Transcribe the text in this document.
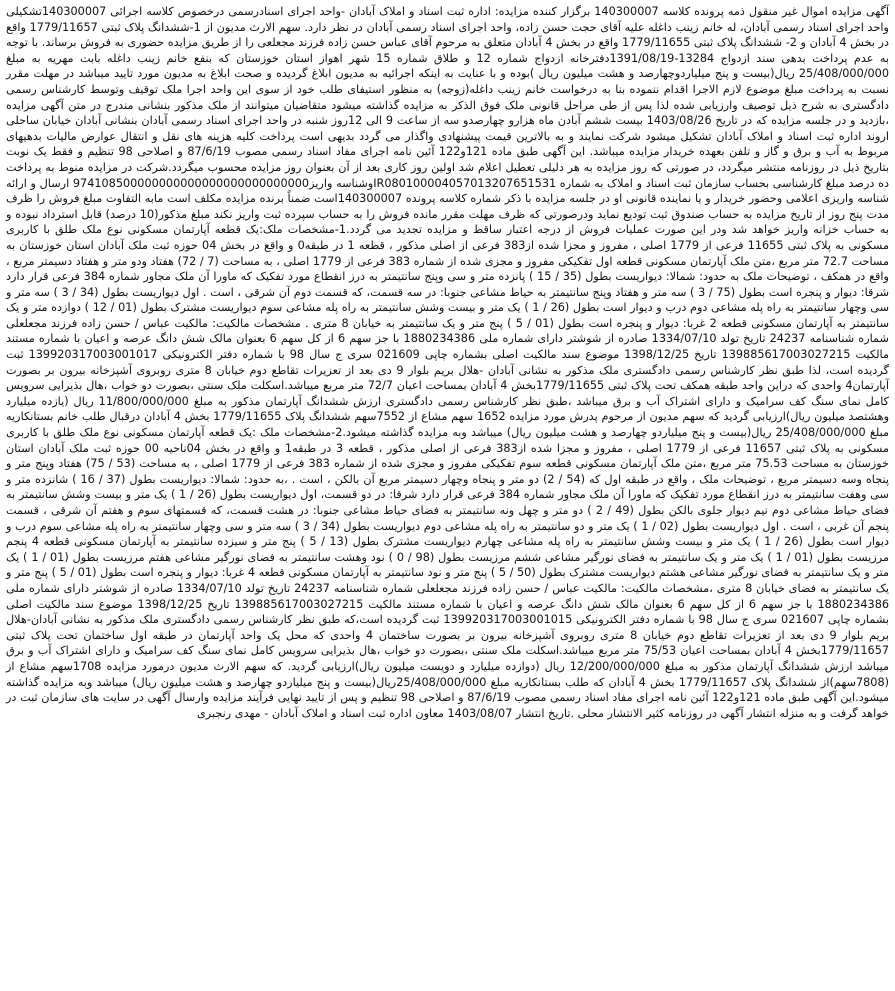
آگهی مزایده اموال غیر منقول ذمه پرونده کلاسه 140300007 برگزار کننده مزایده: اداره ثبت اسناد و املاک آبادان -واحد اجرای اسنادرسمی درخصوص کلاسه اجرائی 140300007تشکیلی واحد اجرای اسناد رسمی آبادان، له خانم زینب داغله علیه آقای حجت حسن زاده، واحد اجرای اسناد رسمی آبادان در نظر دارد. سهم الارث مدیون از 1-ششدانگ پلاک ثبتی 1779/11657 واقع در بخش 4 آبادان و 2- ششدانگ پلاک ثبتی 1779/11655 واقع در بخش 4 آبادان متعلق به مرحوم آقای عباس حسن زاده فرزند مجعلعی را از طریق مزایده حضوری به فروش برساند. با توجه به عدم پرداخت بدهی سند ازدواج 13284-1391/08/19دفترخانه ازدواج شماره 12 و طلاق شماره 15 شهر اهواز استان خوزستان که بنفع خانم زینب داغله بابت مهریه به مبلغ 25/408/000/000 ریال(بیست و پنج میلیاردوچهارصد و هشت میلیون ریال )بوده و با عنایت به اینکه اجرائیه به مدیون ابلاغ گردیده و صحت ابلاغ به مدیون مورد تایید میباشد در مهلت مقرر نسبت به پرداخت مبلغ موضوع لازم الاجرا اقدام ننموده بنا به درخواست خانم زینب داغله(زوجه) به منظور استیفای طلب خود از سوی این واحد اجرا ملک توقیف وتوسط کارشناس رسمی دادگستری به شرح ذیل توصیف وارزیابی شده لذا پس از طی مراحل قانونی ملک فوق الذکر به مزایده گذاشته میشود متقاضیان میتوانند از ملک مذکور بنشانی مندرج در متن آگهی مزایده ،بازدید و در جلسه مزایده که در تاریخ 1403/08/26 بیست ششم آبادن ماه هزارو چهارصدو سه از ساعت 9 الی 12روز شنبه در واحد اجرای اسناد رسمی آبادان بنشانی آبادان خیابان ساحلی اروند اداره ثبت اسناد و املاک آبادان تشکیل میشود شرکت نمایند و به بالاترین قیمت پیشنهادی واگذار می گردد بدیهی است پرداخت کلیه هزینه های نقل و انتقال عوارض مالیات بدهیهای مربوط به آب و برق و گاز و تلفن بعهده خریدار مزایده میباشد. این آگهی طبق ماده 121و122 آئین نامه اجرای مفاد اسناد رسمی مصوب 87/6/19 و اصلاحی 98 تنظیم و فقط یک نوبت بتاریخ ذیل در روزنامه منتشر میگردد، در صورتی که روز مزایده به هر دلیلی تعطیل اعلام شد اولین روز کاری بعد از آن بعنوان روز مزایده محسوب میگردد.شرکت در مزایده منوط به پرداخت ده درصد مبلغ کارشناسی بحساب سازمان ثبت اسناد و املاک به شماره IR080100004057013207651531وشناسه واریز974108500000000000000000000000000 ارسال و ارائه شناسه واریزی اعلامی وحضور خریدار و یا نماینده قانونی او در جلسه مزایده با ذکر شماره کلاسه پرونده 140300007است ضمناً برنده مزایده مکلف است مابه التفاوت مبلغ فروش را ظرف مدت پنج روز از تاریخ مزایده به حساب صندوق ثبت تودیع نماید ودرصورتی که ظرف مهلت مقرر مانده فروش را به حساب سپرده ثبت واریز نکند مبلغ مذکور(10 درصد) قابل استرداد نبوده و به حساب خزانه واریز خواهد شد ودر این صورت عملیات فروش از درجه اعتبار ساقط و مزایده تجدید می گردد.1-مشخصات ملک:یک قطعه آپارتمان مسکونی نوع ملک طلق با کاربری مسکونی به پلاک ثبتی 11655 فرعی از 1779 اصلی ، مفروز و مجزا شده از383 فرعی از اصلی مذکور ، قطعه 1 در طبقه0 و واقع در بخش 04 حوزه ثبت ملک آبادان استان خوزستان به مساحت 72.7 متر مربع ،متن ملک آپارتمان مسکونی قطعه اول تفکیکی مفروز و مجزی شده از شماره 383 فرعی از 1779 اصلی ، به مساحت (7 / 72) هفتاد ودو متر و هفتاد دسیمتر مربع ، واقع در همکف ، توضیحات ملک به حدود: شمالا: دیواریست بطول (35 / 15 ) پانزده متر و سی وپنج سانتیمتر به درز انقطاع مورد تفکیک که ماورا آن ملک مجاور شماره 384 فرعی قرار دارد شرقا: دیوار و پنجره است بطول (75 / 3 ) سه متر و هفتاد وپنج سانتیمتر به حیاط مشاعی جنوبا: در سه قسمت، که قسمت دوم آن شرقی ، است . اول دیواریست بطول (34 / 3 ) سه متر و سی وچهار سانتیمتر به راه پله مشاعی دوم درب و دیوار است بطول (26 / 1 ) یک متر و بیست وشش سانتیمتر به راه پله مشاعی سوم دیواریست مشترک بطول (01 / 12 ) دوازده متر و یک سانتیمتر به آپارتمان مسکونی قطعه 2 غربا: دیوار و پنجره است بطول (01 / 5 ) پنج متر و یک سانتیمتر به خیابان 8 متری . مشخصات مالکیت: مالکیت عباس / حسن زاده فرزند مجعلعلی شماره شناسنامه 24237 تاریخ تولد 1334/07/10 صادره از شوشتر دارای شماره ملی 1880234386 با جز سهم 6 از کل سهم 6 بعنوان مالک شش دانگ عرصه و اعیان با شماره مستند مالکیت 139885617003027215 تاریخ 1398/12/25 موضوع سند مالکیت اصلی بشماره چاپی 021609 سری ج سال 98 با شماره دفتر الکترونیکی 139920317003001017 ثبت گردیده است، لذا طبق نظر کارشناس رسمی دادگستری ملک مذکور به نشانی آبادان -هلال بریم بلوار 9 دی بعد از تعزیرات تقاطع دوم خیابان 8 متری روبروی آشپزخانه بیرون بر بصورت آپارتمان4 واحدی که دراین واحد طبقه همکف تحت پلاک ثبتی 1779/11655بخش 4 آبادان بمساحت اعیان 72/7 متر مربع میباشد.اسکلت ملک سنتی ،بصورت دو خواب ،هال بذیرایی سرویس کامل نمای سنگ کف سرامیک و دارای اشتراک آب و برق میباشد ،طبق نظر کارشناس رسمی دادگستری ارزش ششدانگ آپارتمان مذکور به مبلغ 11/800/000/000 ریال (یازده میلیارد وهشتصد میلیون ریال)ارزیابی گردید که سهم مدیون از مرحوم پدرش مورد مزایده 1652 سهم مشاع از 7552سهم ششدانگ پلاک 1779/11655 بخش 4 آبادان درقبال طلب خانم بستانکاریه مبلغ 25/408/000/000 ریال(بیست و پنج میلیاردو چهارصد و هشت میلیون ریال) میباشد وبه مزایده گذاشته میشود.2-مشخصات ملک :یک قطعه آپارتمان مسکونی نوع ملک طلق با کاربری مسکونی به پلاک ثبتی 11657 فرعی از 1779 اصلی ، مفروز و مجزا شده از383 فرعی از اصلی مذکور ، قطعه 3 در طبقه1 و واقع در بخش 04ناحیه 00 حوزه ثبت ملک آبادان استان خوزستان به مساحت 75.53 متر مربع ،متن ملک آپارتمان مسکونی قطعه سوم تفکیکی مفروز و مجزی شده از شماره 383 فرعی از 1779 اصلی ، به مساحت (53 / 75) هفتاد وپنج متر و پنجاه وسه دسیمتر مربع ، توضیحات ملک ، واقع در طبقه اول که (54 / 2) دو متر و پنجاه وچهار دسیمتر مربع آن بالکن ، است . ،به حدود: شمالا: دیواریست بطول (37 / 16 ) شانزده متر و سی وهفت سانتیمتر به درز انقطاع مورد تفکیک که ماورا آن ملک مجاور شماره 384 فرعی قرار دارد شرقا: در دو قسمت، اول دیواریست بطول (26 / 1 ) یک متر و بیست وشش سانتیمتر به فضای حیاط مشاعی دوم نیم دیوار جلوی بالکن بطول (49 / 2 ) دو متر و چهل ونه سانتیمتر به فضای حیاط مشاعی جنوبا: در هشت قسمت، که قسمتهای سوم و هفتم آن شرقی ، قسمت پنجم آن غربی ، است . اول دیواریست بطول (02 / 1 ) یک متر و دو سانتیمتر به راه پله مشاعی دوم دیواریست بطول (34 / 3 ) سه متر و سی وچهار سانتیمتر به راه پله مشاعی سوم درب و دیوار است بطول (26 / 1 ) یک متر و بیست وشش سانتیمتر به راه پله مشاعی چهارم دیواریست مشترک بطول (13 / 5 ) پنج متر و سیزده سانتیمتر به آپارتمان مسکونی قطعه 4 پنجم مرزیست بطول (01 / 1 ) یک متر و یک سانتیمتر به فضای نورگیر مشاعی ششم مرزیست بطول (98 / 0 ) نود وهشت سانتیمتر به فضای نورگیر مشاعی هفتم مرزیست بطول (01 / 1 ) یک متر و یک سانتیمتر به فضای نورگیر مشاعی هشتم دیواریست مشترک بطول (50 / 5 ) پنج متر و نود سانتیمتر به آپارتمان مسکونی قطعه 4 غربا: دیوار و پنجره است بطول (01 / 5 ) پنج متر و یک سانتیمتر به فضای خیابان 8 متری ،مشخصات مالکیت: مالکیت عباس / حسن زاده فرزند مجعلعلی شماره شناسنامه 24237 تاریخ تولد 1334/07/10 صادره از شوشتر دارای شماره ملی 1880234386 با جز سهم 6 از کل سهم 6 بعنوان مالک شش دانگ عرصه و اعیان با شماره مستند مالکیت 139885617003027215 تاریخ 1398/12/25 موضوع سند مالکیت اصلی بشماره چاپی 021607 سری ج سال 98 با شماره دفتر الکترونیکی 139920317003001015 ثبت گردیده است،که طبق نظر کارشناس رسمی دادگستری ملک مذکور به نشانی آبادان-هلال بریم بلوار 9 دی بعد از تعزیرات تقاطع دوم خیابان 8 متری روبروی آشپزخانه بیرون بر بصورت ساختمان 4 واحدی که محل یک واحد آپارتمان در طبقه اول ساختمان تحت پلاک ثبتی 1779/11657بخش 4 آبادان بمساحت اعیان 75/53 متر مربع میباشد.اسکلت ملک سنتی ،بصورت دو خواب ،هال بذیرایی سرویس کامل نمای سنگ کف سرامیک و دارای اشتراک آب و برق میباشد ارزش ششدانگ آپارتمان مذکور به مبلغ 12/200/000/000 ریال (دوازده میلیارد و دویست میلیون ریال)ارزیابی گردید. که سهم الارث مدیون درمورد مزایده 1708سهم مشاع از (7808سهم)از ششدانگ پلاک 1779/11657 بخش 4 آبادان که طلب بستانکاریه مبلغ 25/408/000/000ریال(بیست و پنج میلیاردو چهارصد و هشت میلیون ریال) میباشد وبه مزایده گذاشته میشود.این آگهی طبق ماده 121و122 آئین نامه اجرای مفاد اسناد رسمی مصوب 87/6/19 و اصلاحی 98 تنظیم و پس از تایید نهایی فرآیند مزایده وارسال آگهی در سایت های سازمان ثبت در خواهد گرفت و به منزله انتشار آگهی در روزنامه کثیر الانتشار محلی .تاریخ انتشار 1403/08/07 معاون اداره ثبت اسناد و املاک آبادان - مهدی رنجبری
